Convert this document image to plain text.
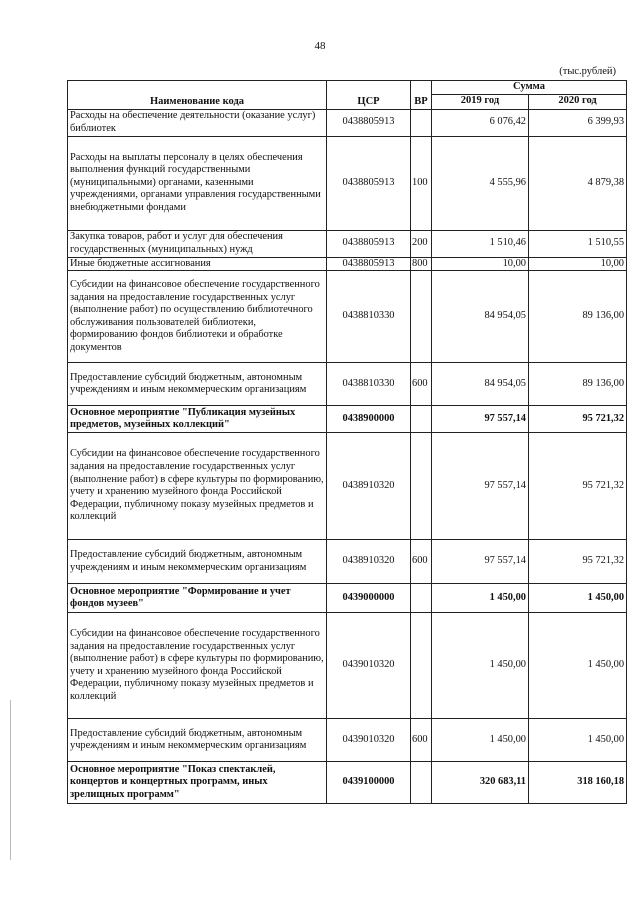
48
(тыс.рублей)
Наименование кода	ЦСР	ВР	Сумма	
			2019 год	2020 год
Расходы на обеспечение деятельности (оказание услуг) библиотек	0438805913		6 076,42	6 399,93
Расходы на выплаты персоналу в целях обеспечения выполнения функций государственными (муниципальными) органами, казенными учреждениями, органами управления государственными внебюджетными фондами	0438805913	100	4 555,96	4 879,38
Закупка товаров, работ и услуг для обеспечения государственных (муниципальных) нужд	0438805913	200	1 510,46	1 510,55
Иные бюджетные ассигнования	0438805913	800	10,00	10,00
Субсидии на финансовое обеспечение государственного задания на предоставление государственных услуг (выполнение работ) по осуществлению библиотечного обслуживания пользователей библиотеки, формированию фондов библиотеки и обработке документов	0438810330		84 954,05	89 136,00
Предоставление субсидий бюджетным, автономным учреждениям и иным некоммерческим организациям	0438810330	600	84 954,05	89 136,00
Основное мероприятие "Публикация музейных предметов, музейных коллекций"	0438900000		97 557,14	95 721,32
Субсидии на финансовое обеспечение государственного задания на предоставление государственных услуг (выполнение работ) в сфере культуры по формированию, учету и хранению музейного фонда Российской Федерации, публичному показу музейных предметов и коллекций	0438910320		97 557,14	95 721,32
Предоставление субсидий бюджетным, автономным учреждениям и иным некоммерческим организациям	0438910320	600	97 557,14	95 721,32
Основное мероприятие "Формирование и учет фондов музеев"	0439000000		1 450,00	1 450,00
Субсидии на финансовое обеспечение государственного задания на предоставление государственных услуг (выполнение работ) в сфере культуры по формированию, учету и хранению музейного фонда Российской Федерации, публичному показу музейных предметов и коллекций	0439010320		1 450,00	1 450,00
Предоставление субсидий бюджетным, автономным учреждениям и иным некоммерческим организациям	0439010320	600	1 450,00	1 450,00
Основное мероприятие "Показ спектаклей, концертов и концертных программ, иных зрелищных программ"	0439100000		320 683,11	318 160,18
